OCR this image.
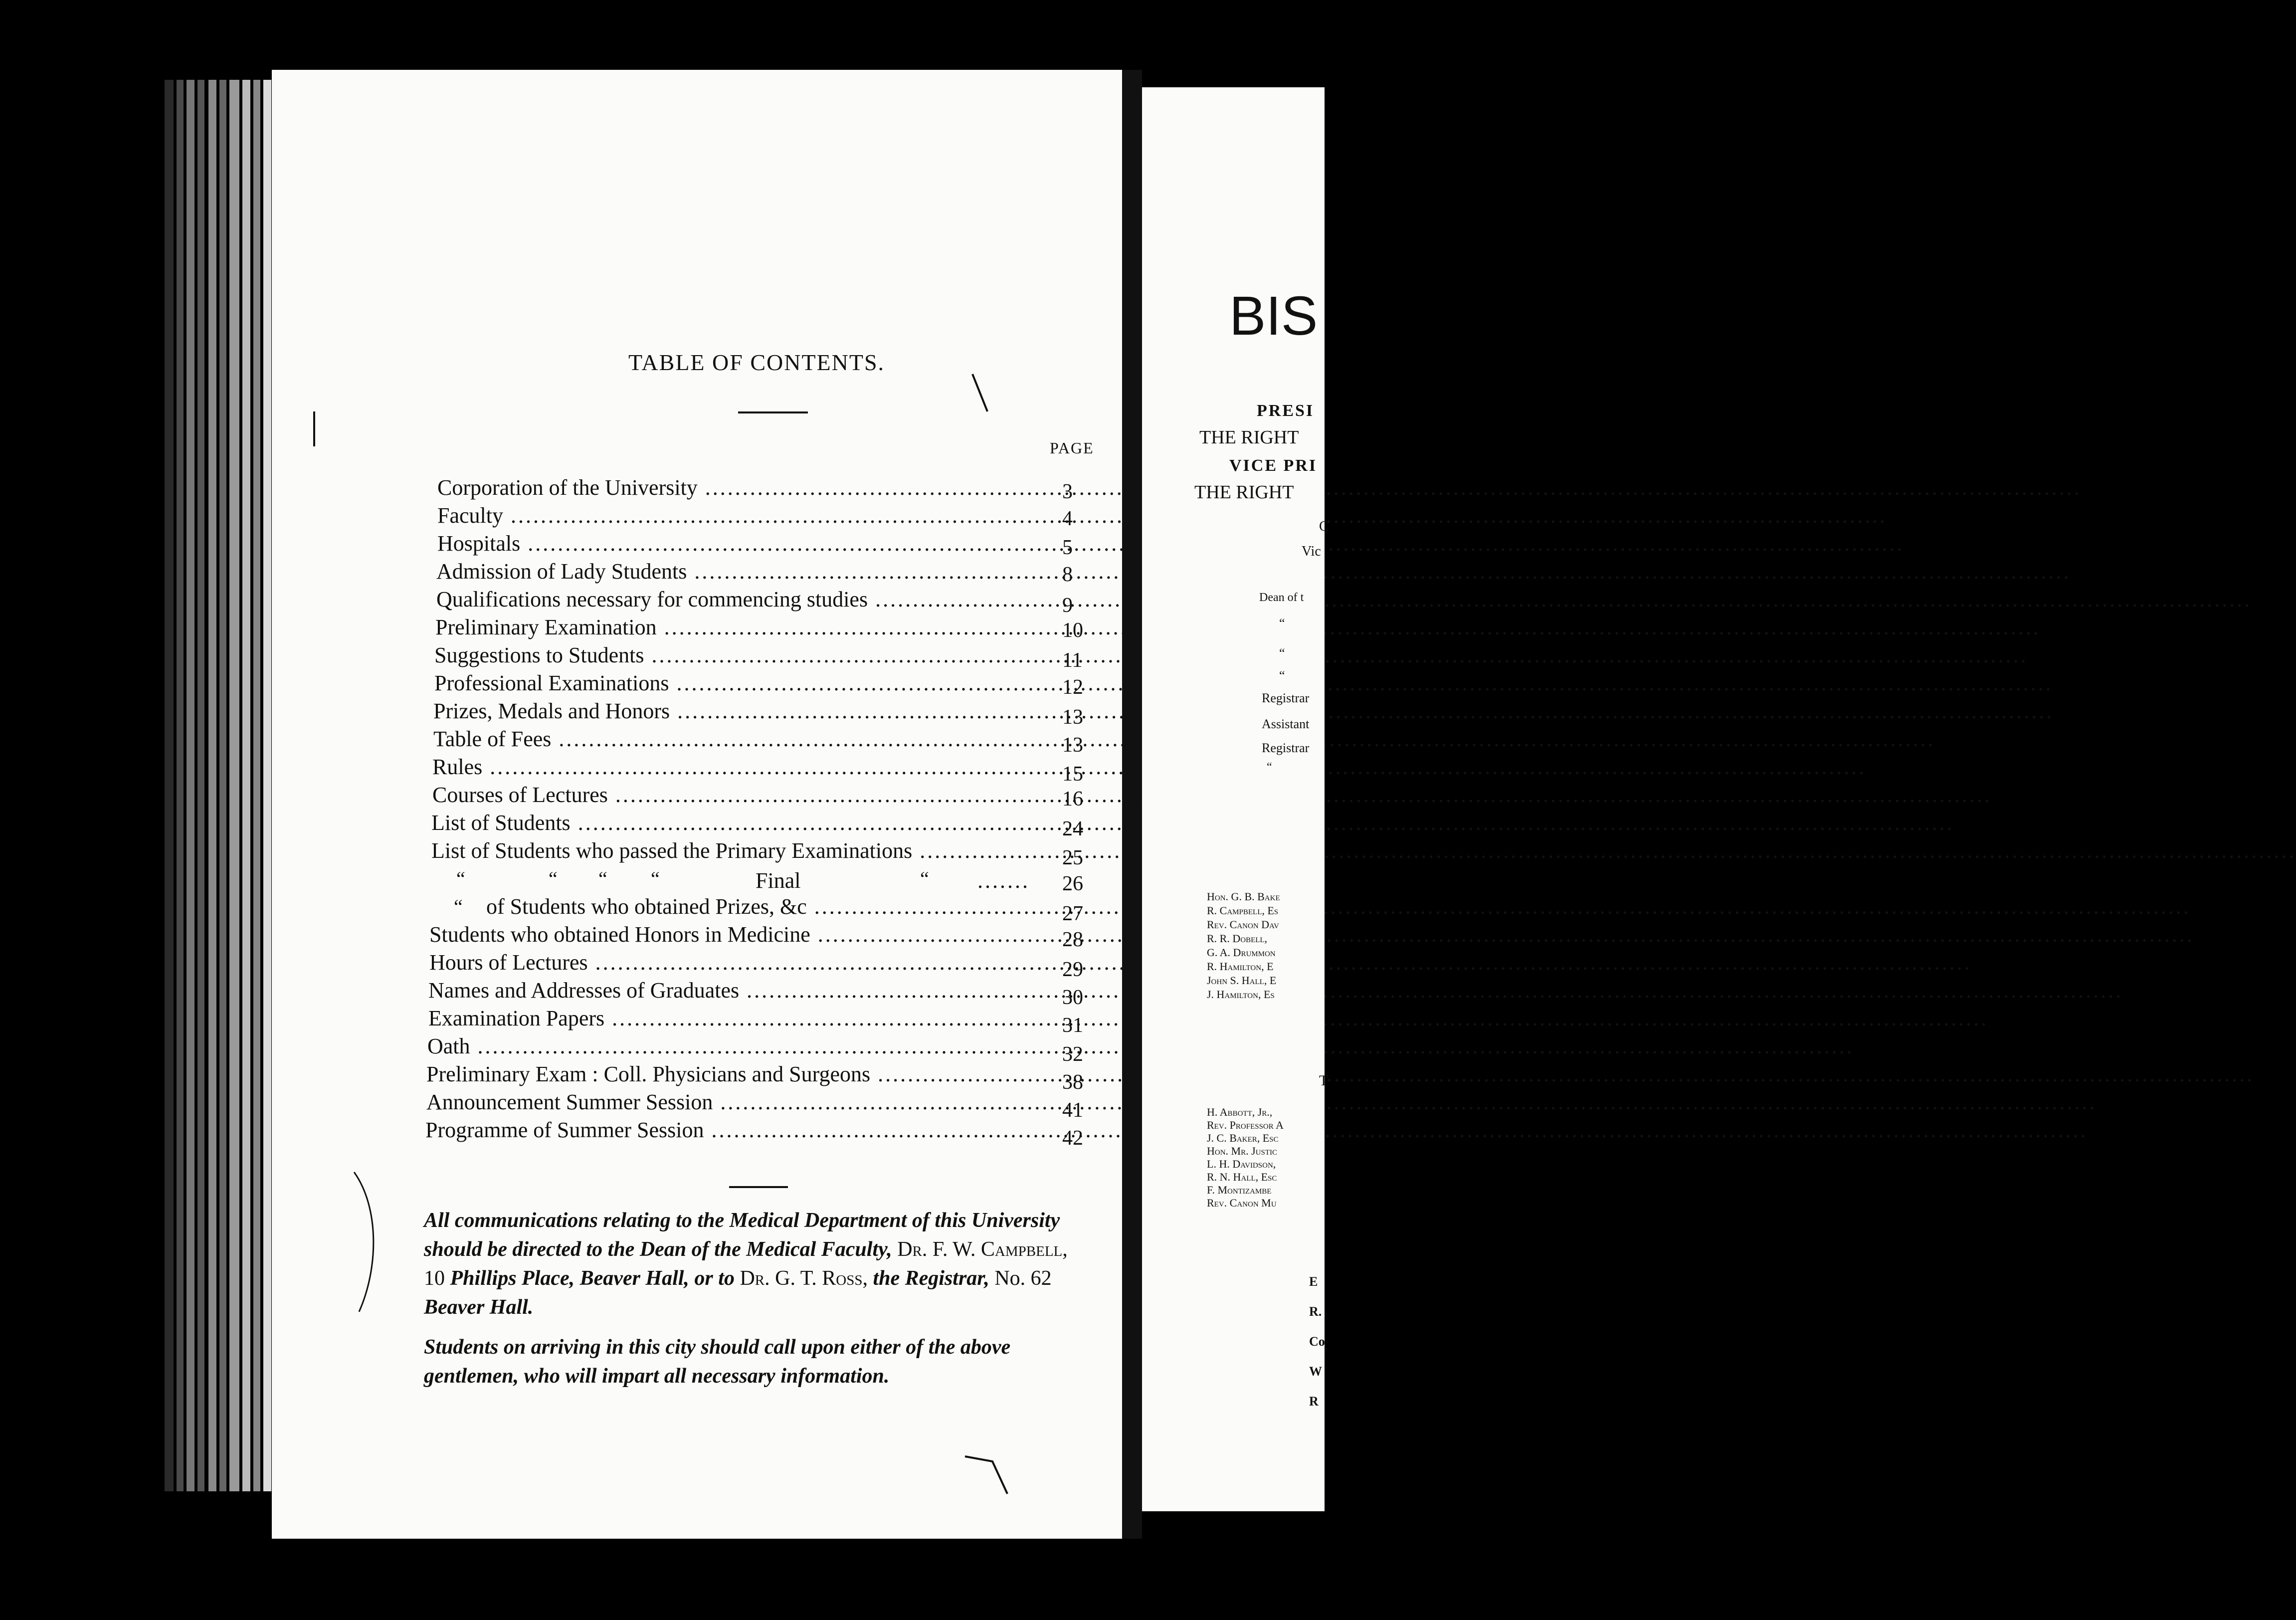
TABLE OF CONTENTS.
PAGE
Corporation of the University .....	3
Faculty .....	4
Hospitals .....	5
Admission of Lady Students .....	8
Qualifications necessary for commencing studies .....	9
Preliminary Examination .....	10
Suggestions to Students .....	11
Professional Examinations .....	12
Prizes, Medals and Honors .....	13
Table of Fees .....	13
Rules .....	15
Courses of Lectures .....	16
List of Students .....	24
List of Students who passed the Primary Examinations .....	25
“	“ “ “	Final	“ ....... 26
“ of Students who obtained Prizes, &c .....	27
Students who obtained Honors in Medicine .....	28
Hours of Lectures .....	29
Names and Addresses of Graduates .....	30
Examination Papers .....	31
Oath .....	32
Preliminary Exam : Coll. Physicians and Surgeons .....	38
Announcement Summer Session .....	41
Programme of Summer Session .....	42
All communications relating to the Medical Department of this University should be directed to the Dean of the Medical Faculty, Dr. F. W. Campbell, 10 Phillips Place, Beaver Hall, or to Dr. G. T. Ross, the Registrar, No. 62 Beaver Hall.
Students on arriving in this city should call upon either of the above gentlemen, who will impart all necessary information.
BIS
PRESI
THE RIGHT
VICE PRI
THE RIGHT
C
Vic
Dean of t
“
“
“
Registrar
Assistant
Registrar
“
Hon. G. B. Bake
R. Campbell, Es
Rev. Canon Dav
R. R. Dobell,
G. A. Drummon
R. Hamilton, E
John S. Hall, E
J. Hamilton, Es
T
H. Abbott, Jr.,
Rev. Professor A
J. C. Baker, Esc
Hon. Mr. Justic
L. H. Davidson,
R. N. Hall, Esc
F. Montizambe
Rev. Canon Mu
E
R.
Co
W
R
